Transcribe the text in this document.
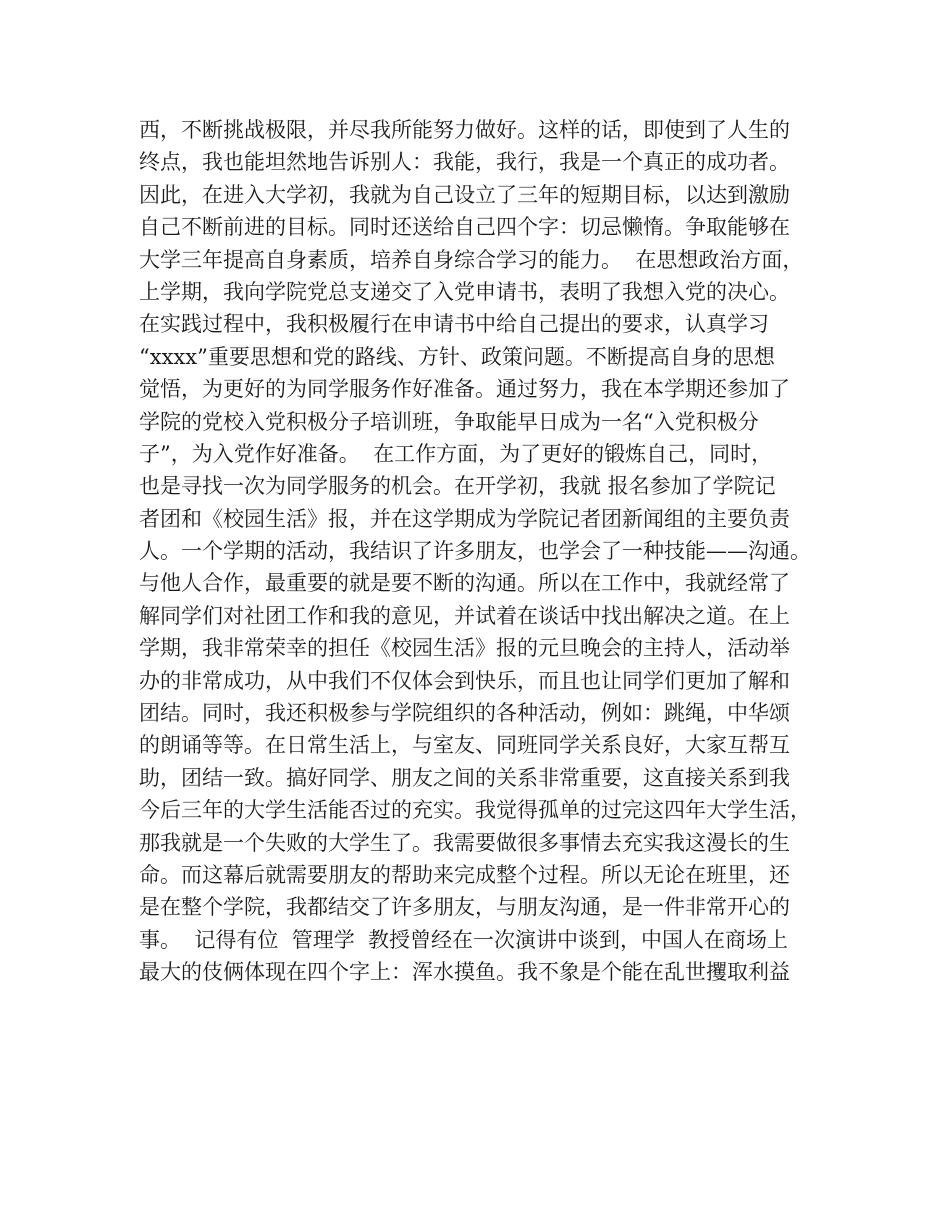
西，不断挑战极限，并尽我所能努力做好。这样的话，即使到了人生的
终点，我也能坦然地告诉别人：我能，我行，我是一个真正的成功者。
因此，在进入大学初，我就为自己设立了三年的短期目标，以达到激励
自己不断前进的目标。同时还送给自己四个字：切忌懒惰。争取能够在
大学三年提高自身素质，培养自身综合学习的能力。  在思想政治方面，
上学期，我向学院党总支递交了入党申请书，表明了我想入党的决心。
在实践过程中，我积极履行在申请书中给自己提出的要求，认真学习
“xxxx”重要思想和党的路线、方针、政策问题。不断提高自身的思想
觉悟，为更好的为同学服务作好准备。通过努力，我在本学期还参加了
学院的党校入党积极分子培训班，争取能早日成为一名“入党积极分
子”，为入党作好准备。  在工作方面，为了更好的锻炼自己，同时，
也是寻找一次为同学服务的机会。在开学初，我就 报名参加了学院记
者团和《校园生活》报，并在这学期成为学院记者团新闻组的主要负责
人。一个学期的活动，我结识了许多朋友，也学会了一种技能——沟通。
与他人合作，最重要的就是要不断的沟通。所以在工作中，我就经常了
解同学们对社团工作和我的意见，并试着在谈话中找出解决之道。在上
学期，我非常荣幸的担任《校园生活》报的元旦晚会的主持人，活动举
办的非常成功，从中我们不仅体会到快乐，而且也让同学们更加了解和
团结。同时，我还积极参与学院组织的各种活动，例如：跳绳，中华颂
的朗诵等等。在日常生活上，与室友、同班同学关系良好，大家互帮互
助，团结一致。搞好同学、朋友之间的关系非常重要，这直接关系到我
今后三年的大学生活能否过的充实。我觉得孤单的过完这四年大学生活，
那我就是一个失败的大学生了。我需要做很多事情去充实我这漫长的生
命。而这幕后就需要朋友的帮助来完成整个过程。所以无论在班里，还
是在整个学院，我都结交了许多朋友，与朋友沟通，是一件非常开心的
事。  记得有位  管理学  教授曾经在一次演讲中谈到，中国人在商场上
最大的伎俩体现在四个字上：浑水摸鱼。我不象是个能在乱世攫取利益
